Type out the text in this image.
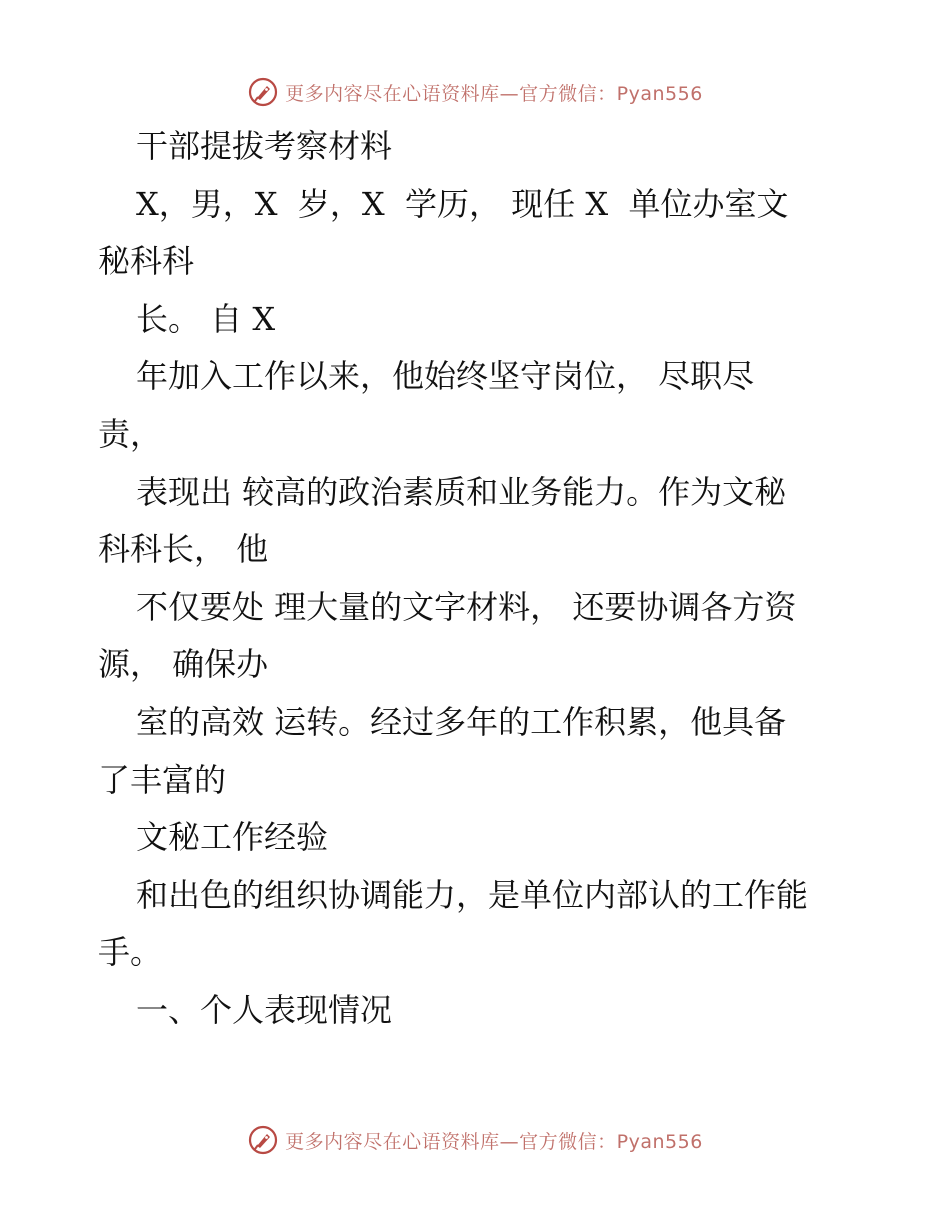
更多内容尽在心语资料库—官方微信：Pyan556

干部提拔考察材料

X，男，X  岁，X  学历， 现任 X  单位办室文

秘科科

长。 自 X

年加入工作以来，他始终坚守岗位， 尽职尽

责，

表现出 较高的政治素质和业务能力。作为文秘

科科长， 他

不仅要处 理大量的文字材料， 还要协调各方资

源， 确保办

室的高效 运转。经过多年的工作积累，他具备

了丰富的

文秘工作经验

和出色的组织协调能力，是单位内部认的工作能

手。

一、个人表现情况

更多内容尽在心语资料库—官方微信：Pyan556
